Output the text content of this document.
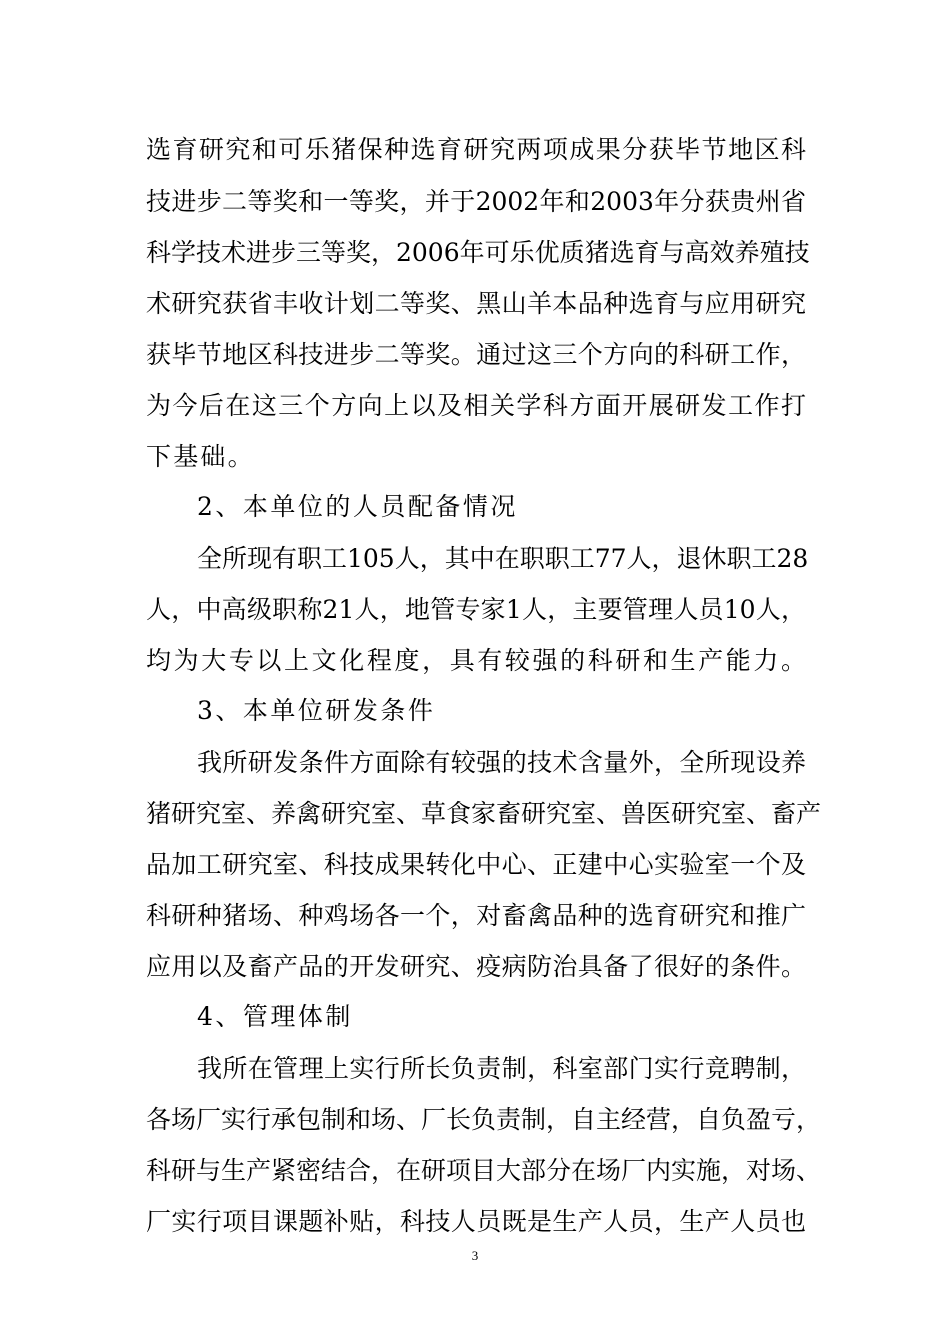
选育研究和可乐猪保种选育研究两项成果分获毕节地区科
技进步二等奖和一等奖，并于2002年和2003年分获贵州省
科学技术进步三等奖，2006年可乐优质猪选育与高效养殖技
术研究获省丰收计划二等奖、黑山羊本品种选育与应用研究
获毕节地区科技进步二等奖。通过这三个方向的科研工作，
为今后在这三个方向上以及相关学科方面开展研发工作打
下基础。
2、本单位的人员配备情况
全所现有职工105人，其中在职职工77人，退休职工28
人，中高级职称21人，地管专家1人，主要管理人员10人，
均为大专以上文化程度，具有较强的科研和生产能力。
3、本单位研发条件
我所研发条件方面除有较强的技术含量外，全所现设养
猪研究室、养禽研究室、草食家畜研究室、兽医研究室、畜产
品加工研究室、科技成果转化中心、正建中心实验室一个及
科研种猪场、种鸡场各一个，对畜禽品种的选育研究和推广
应用以及畜产品的开发研究、疫病防治具备了很好的条件。
4、管理体制
我所在管理上实行所长负责制，科室部门实行竞聘制，
各场厂实行承包制和场、厂长负责制，自主经营，自负盈亏，
科研与生产紧密结合，在研项目大部分在场厂内实施，对场、
厂实行项目课题补贴，科技人员既是生产人员，生产人员也
3
